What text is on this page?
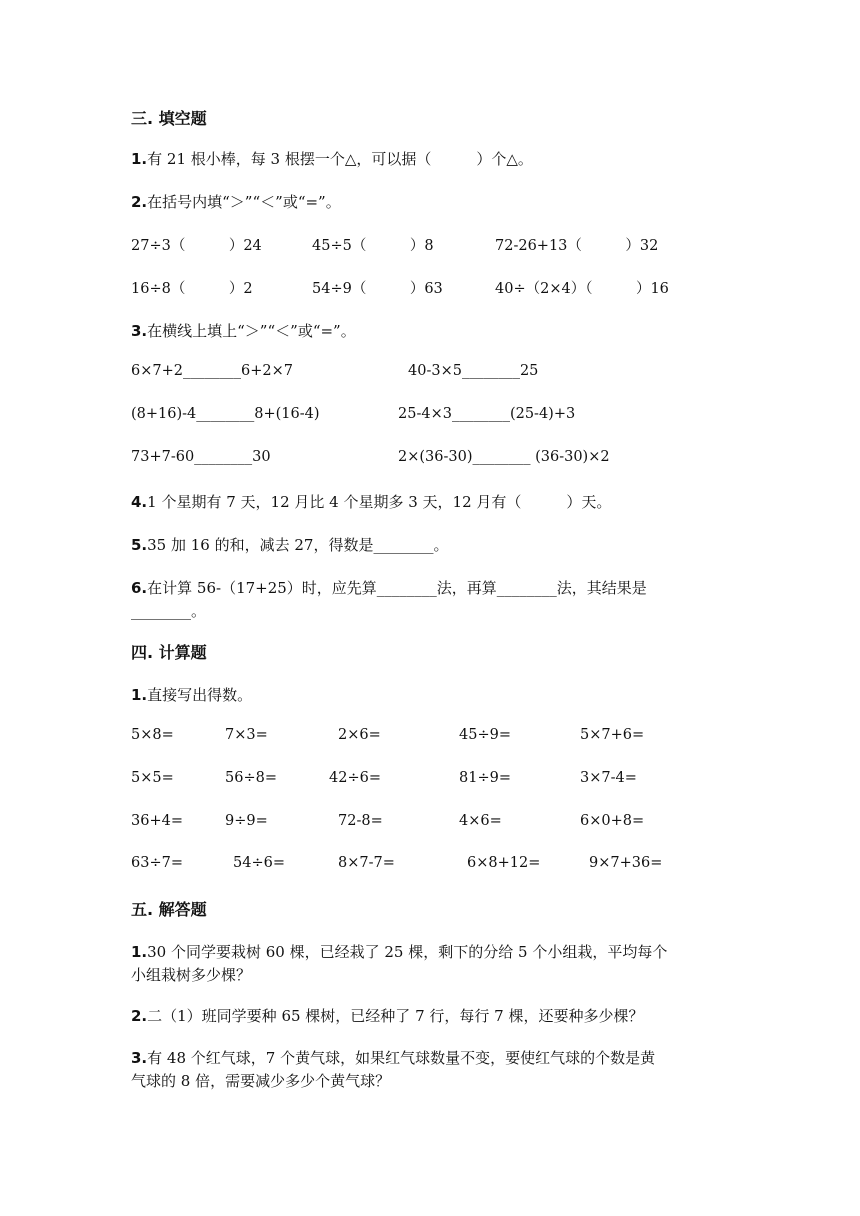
三. 填空题
1.有 21 根小棒，每 3 根摆一个△，可以据（　　　）个△。
2.在括号内填“＞”“＜”或“=”。
27÷3（　　　）24	45÷5（　　　）8	72-26+13（　　　）32
16÷8（　　　）2	54÷9（　　　）63	40÷（2×4）（　　　）16
3.在横线上填上“＞”“＜”或“=”。
6×7+2________6+2×7	40-3×5________25
(8+16)-4________8+(16-4)	25-4×3________(25-4)+3
73+7-60________30	2×(36-30)________ (36-30)×2
4.1 个星期有 7 天，12 月比 4 个星期多 3 天，12 月有（　　　）天。
5.35 加 16 的和，减去 27，得数是________。
6.在计算 56-（17+25）时，应先算________法，再算________法，其结果是
________。
四. 计算题
1.直接写出得数。
5×8=	7×3=	2×6=	45÷9=	5×7+6=
5×5=	56÷8=	42÷6=	81÷9=	3×7-4=
36+4=	9÷9=	72-8=	4×6=	6×0+8=
63÷7=	54÷6=	8×7-7=	6×8+12=	9×7+36=
五. 解答题
1.30 个同学要栽树 60 棵，已经栽了 25 棵，剩下的分给 5 个小组栽，平均每个
小组栽树多少棵？
2.二（1）班同学要种 65 棵树，已经种了 7 行，每行 7 棵，还要种多少棵？
3.有 48 个红气球，7 个黄气球，如果红气球数量不变，要使红气球的个数是黄
气球的 8 倍，需要减少多少个黄气球？
